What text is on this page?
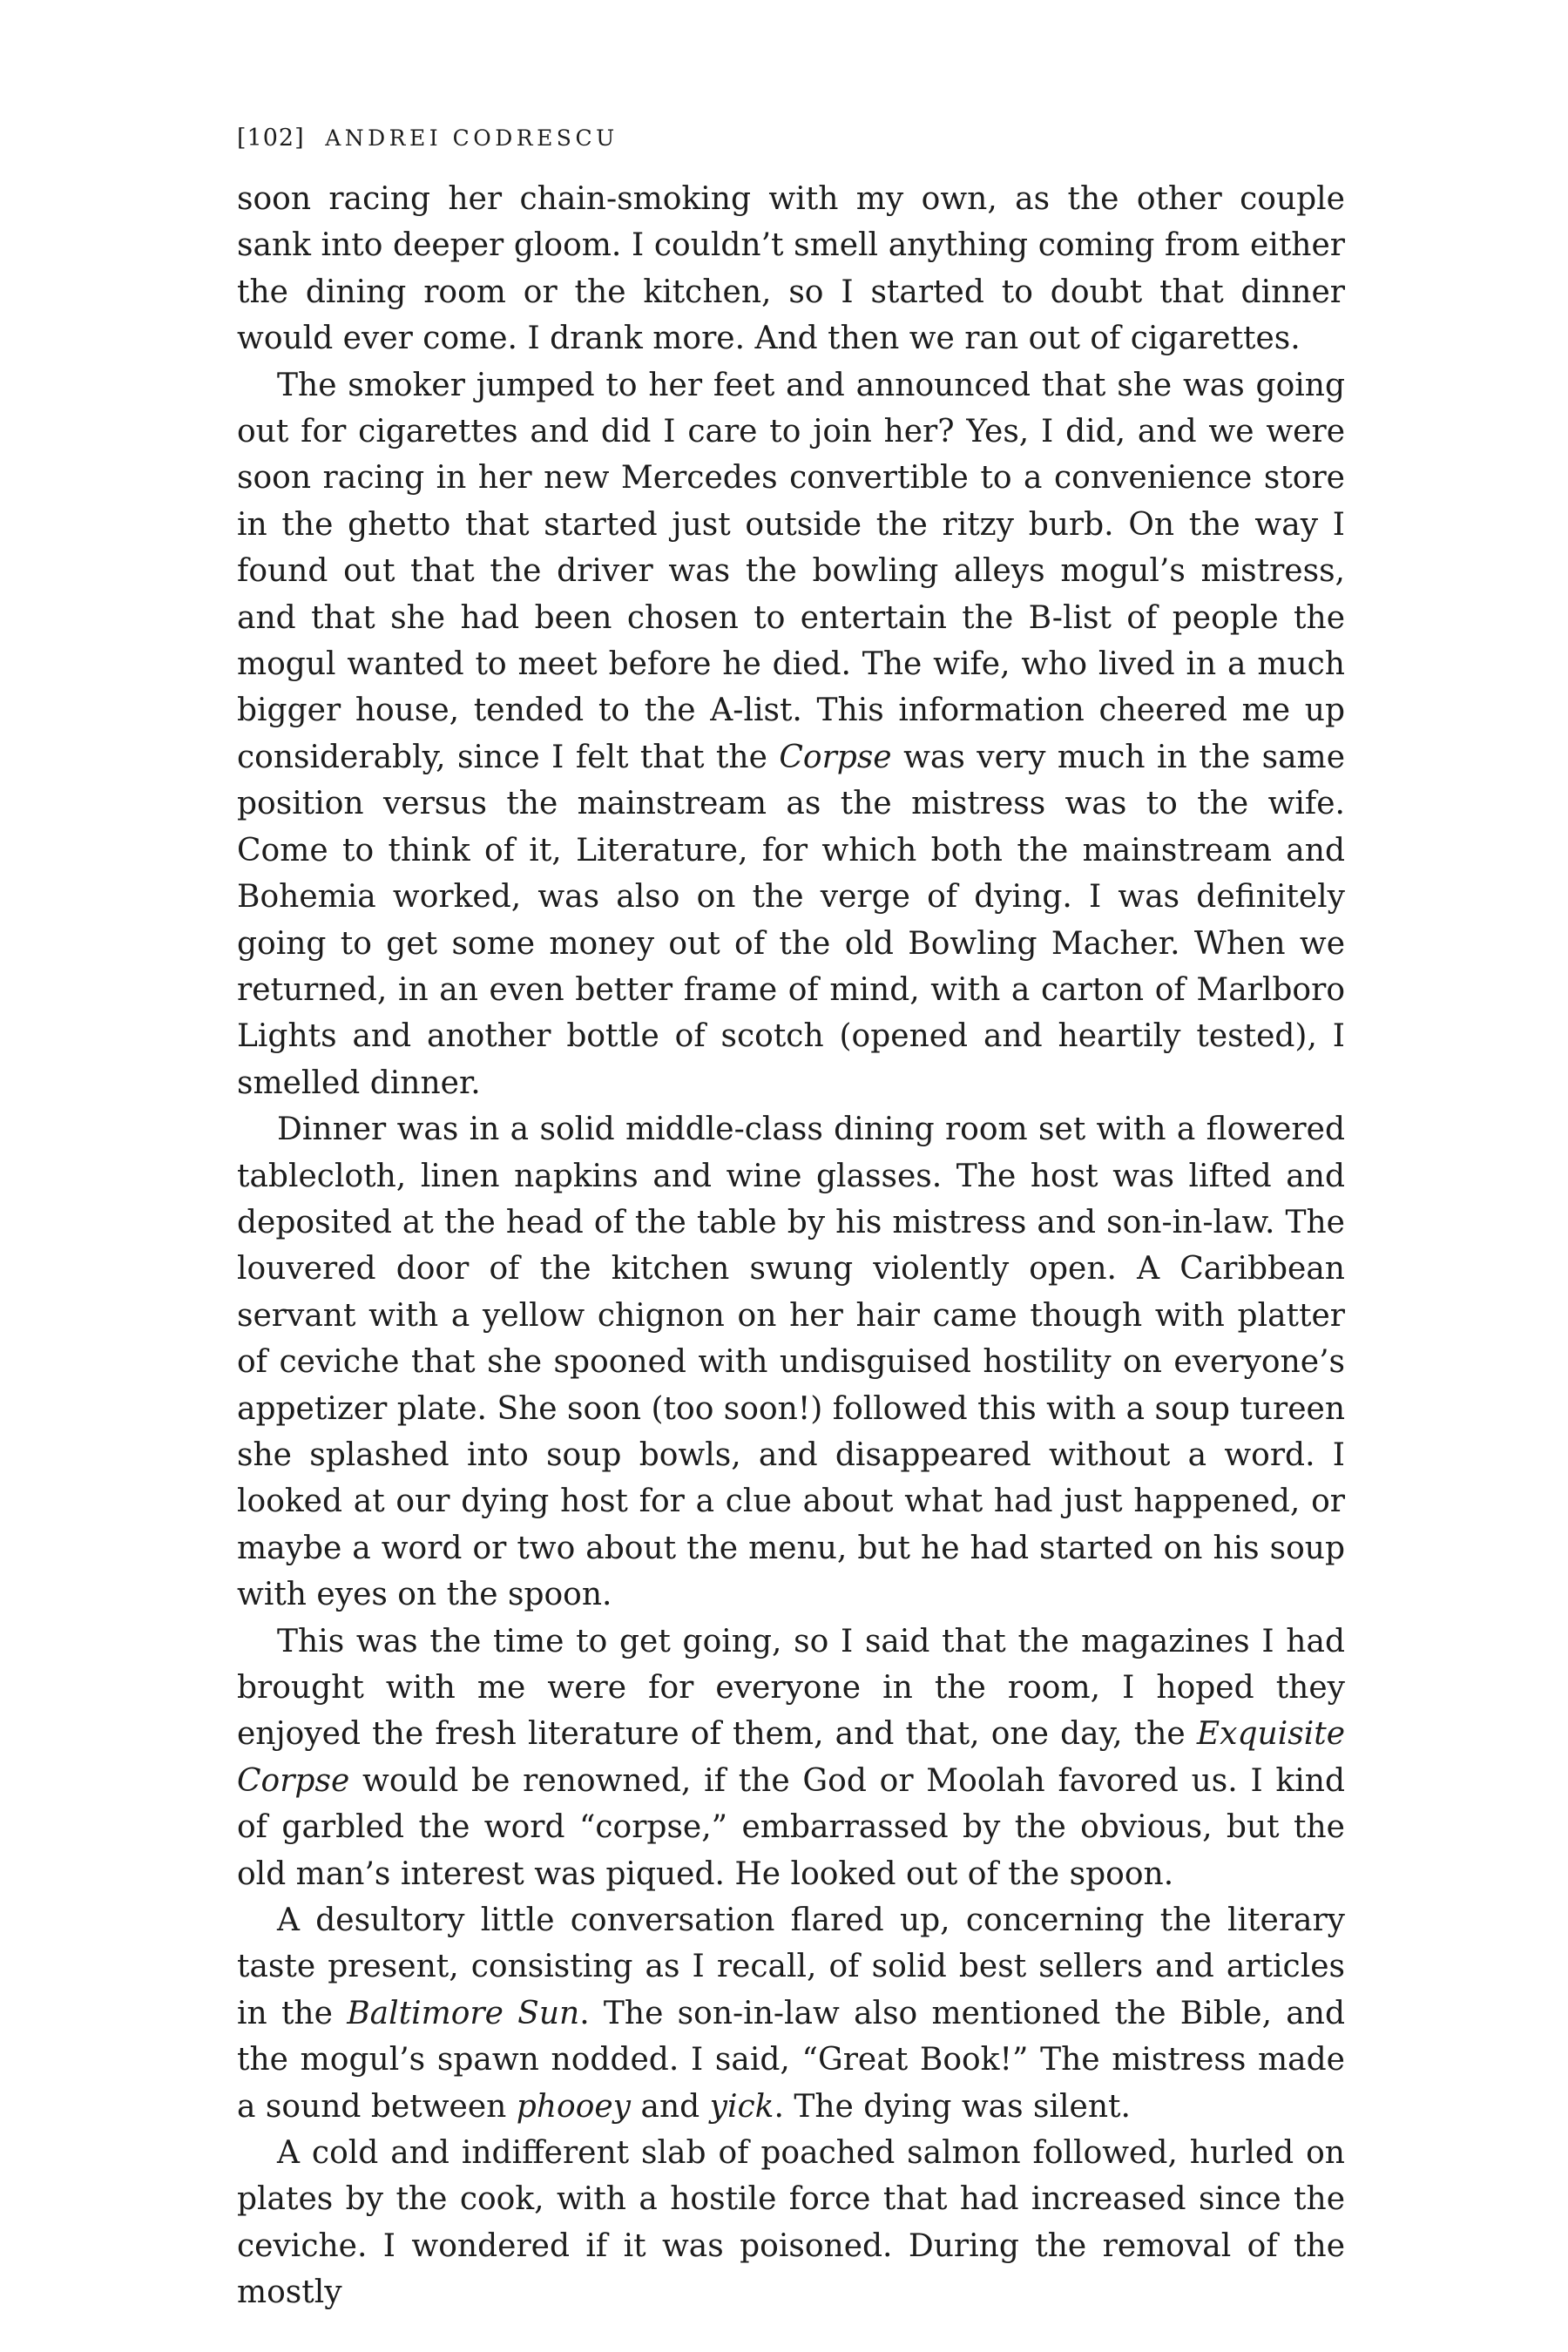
[102] ANDREI CODRESCU

soon racing her chain-smoking with my own, as the other couple sank into deeper gloom. I couldn’t smell anything coming from either the dining room or the kitchen, so I started to doubt that dinner would ever come. I drank more. And then we ran out of cigarettes.

The smoker jumped to her feet and announced that she was going out for cigarettes and did I care to join her? Yes, I did, and we were soon racing in her new Mercedes convertible to a convenience store in the ghetto that started just outside the ritzy burb. On the way I found out that the driver was the bowling alleys mogul’s mistress, and that she had been chosen to entertain the B-list of people the mogul wanted to meet before he died. The wife, who lived in a much bigger house, tended to the A-list. This information cheered me up considerably, since I felt that the Corpse was very much in the same position versus the mainstream as the mistress was to the wife. Come to think of it, Literature, for which both the mainstream and Bohemia worked, was also on the verge of dying. I was definitely going to get some money out of the old Bowling Macher. When we returned, in an even better frame of mind, with a carton of Marlboro Lights and another bottle of scotch (opened and heartily tested), I smelled dinner.

Dinner was in a solid middle-class dining room set with a flowered tablecloth, linen napkins and wine glasses. The host was lifted and deposited at the head of the table by his mistress and son-in-law. The louvered door of the kitchen swung violently open. A Caribbean servant with a yellow chignon on her hair came though with platter of ceviche that she spooned with undisguised hostility on everyone’s appetizer plate. She soon (too soon!) followed this with a soup tureen she splashed into soup bowls, and disappeared without a word. I looked at our dying host for a clue about what had just happened, or maybe a word or two about the menu, but he had started on his soup with eyes on the spoon.

This was the time to get going, so I said that the magazines I had brought with me were for everyone in the room, I hoped they enjoyed the fresh literature of them, and that, one day, the Exquisite Corpse would be renowned, if the God or Moolah favored us. I kind of garbled the word “corpse,” embarrassed by the obvious, but the old man’s interest was piqued. He looked out of the spoon.

A desultory little conversation flared up, concerning the literary taste present, consisting as I recall, of solid best sellers and articles in the Baltimore Sun. The son-in-law also mentioned the Bible, and the mogul’s spawn nodded. I said, “Great Book!” The mistress made a sound between phooey and yick. The dying was silent.

A cold and indifferent slab of poached salmon followed, hurled on plates by the cook, with a hostile force that had increased since the ceviche. I wondered if it was poisoned. During the removal of the mostly
